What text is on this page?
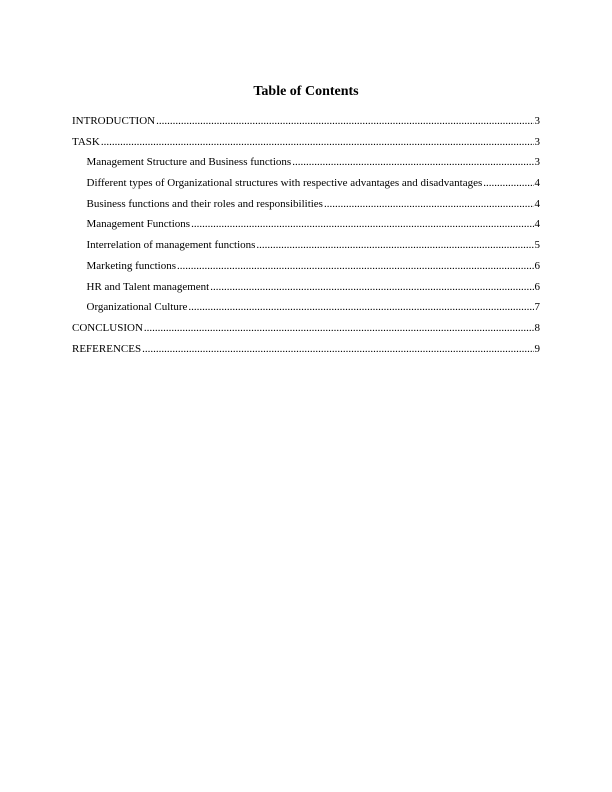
Table of Contents
INTRODUCTION .....	3
TASK .....	3
Management Structure and Business functions .....	3
Different types of Organizational structures with respective advantages and disadvantages .....	4
Business functions and their roles and responsibilities .....	4
Management Functions .....	4
Interrelation of management functions .....	5
Marketing functions .....	6
HR and Talent management .....	6
Organizational Culture .....	7
CONCLUSION .....	8
REFERENCES .....	9
